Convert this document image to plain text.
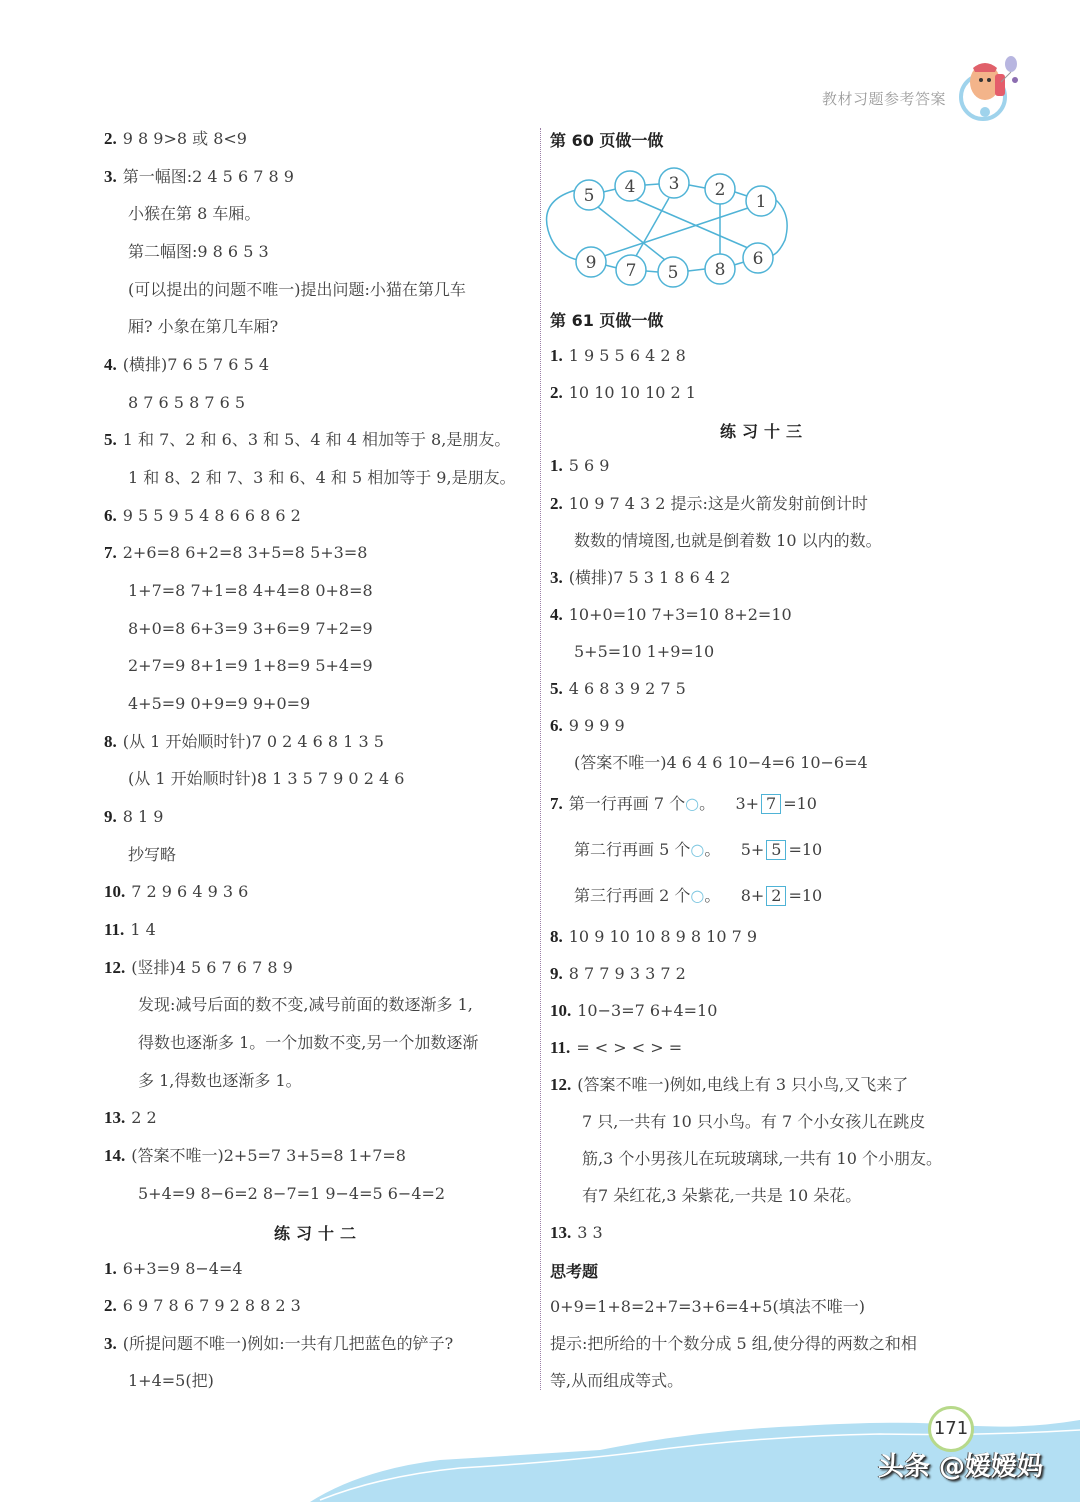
教材习题参考答案
2. 9 8 9>8 或 8<9
3. 第一幅图:2 4 5 6 7 8 9
小猴在第 8 车厢。
第二幅图:9 8 6 5 3
(可以提出的问题不唯一)提出问题:小猫在第几车
厢? 小象在第几车厢?
4. (横排)7 6 5 7 6 5 4
8 7 6 5 8 7 6 5
5. 1 和 7、2 和 6、3 和 5、4 和 4 相加等于 8,是朋友。
1 和 8、2 和 7、3 和 6、4 和 5 相加等于 9,是朋友。
6. 9 5 5 9 5 4 8 6 6 8 6 2
7. 2+6=8 6+2=8 3+5=8 5+3=8
1+7=8 7+1=8 4+4=8 0+8=8
8+0=8 6+3=9 3+6=9 7+2=9
2+7=9 8+1=9 1+8=9 5+4=9
4+5=9 0+9=9 9+0=9
8. (从 1 开始顺时针)7 0 2 4 6 8 1 3 5
(从 1 开始顺时针)8 1 3 5 7 9 0 2 4 6
9. 8 1 9
抄写略
10. 7 2 9 6 4 9 3 6
11. 1 4
12. (竖排)4 5 6 7 6 7 8 9
发现:减号后面的数不变,减号前面的数逐渐多 1,
得数也逐渐多 1。一个加数不变,另一个加数逐渐
多 1,得数也逐渐多 1。
13. 2 2
14. (答案不唯一)2+5=7 3+5=8 1+7=8
5+4=9 8−6=2 8−7=1 9−4=5 6−4=2
练习十二
1. 6+3=9 8−4=4
2. 6 9 7 8 6 7 9 2 8 8 2 3
3. (所提问题不唯一)例如:一共有几把蓝色的铲子?
1+4=5(把)
第 60 页做一做
5 4 3 2
1
9 7 5 8
6
第 61 页做一做
1. 1 9 5 5 6 4 2 8
2. 10 10 10 10 2 1
练习十三
1. 5 6 9
2. 10 9 7 4 3 2 提示:这是火箭发射前倒计时
数数的情境图,也就是倒着数 10 以内的数。
3. (横排)7 5 3 1 8 6 4 2
4. 10+0=10 7+3=10 8+2=10
5+5=10 1+9=10
5. 4 6 8 3 9 2 7 5
6. 9 9 9 9
(答案不唯一)4 6 4 6 10−4=6 10−6=4
7. 第一行再画 7 个○。 3+ 7 =10
第二行再画 5 个○。 5+ 5 =10
第三行再画 2 个○。 8+ 2 =10
8. 10 9 10 10 8 9 8 10 7 9
9. 8 7 7 9 3 3 7 2
10. 10−3=7 6+4=10
11. = < > < > =
12. (答案不唯一)例如,电线上有 3 只小鸟,又飞来了
7 只,一共有 10 只小鸟。有 7 个小女孩儿在跳皮
筋,3 个小男孩儿在玩玻璃球,一共有 10 个小朋友。
有7 朵红花,3 朵紫花,一共是 10 朵花。
13. 3 3
思考题
0+9=1+8=2+7=3+6=4+5(填法不唯一)
提示:把所给的十个数分成 5 组,使分得的两数之和相
等,从而组成等式。
171
头条 @嫒嫒妈
